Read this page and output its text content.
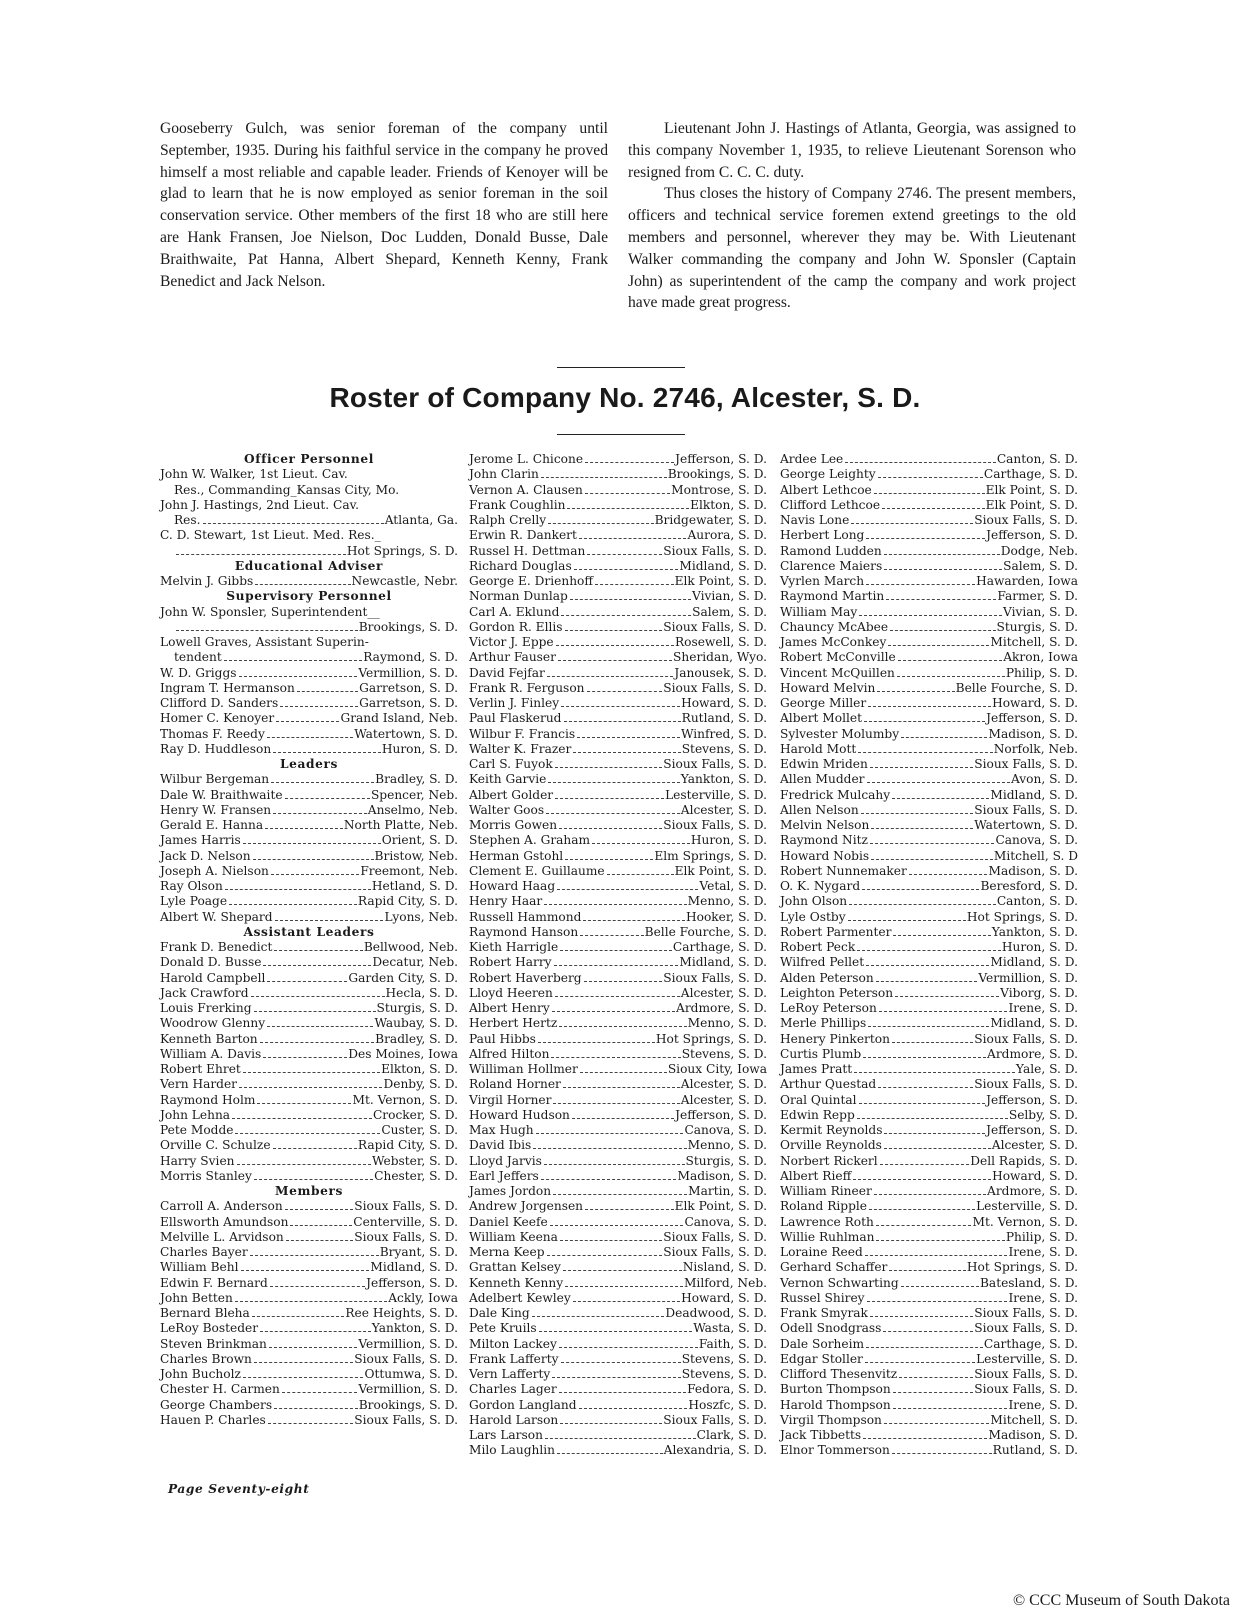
Gooseberry Gulch, was senior foreman of the company until September, 1935. During his faithful service in the company he proved himself a most reliable and capable leader. Friends of Kenoyer will be glad to learn that he is now employed as senior foreman in the soil conservation service. Other members of the first 18 who are still here are Hank Fransen, Joe Nielson, Doc Ludden, Donald Busse, Dale Braithwaite, Pat Hanna, Albert Shepard, Kenneth Kenny, Frank Benedict and Jack Nelson.

Lieutenant John J. Hastings of Atlanta, Georgia, was assigned to this company November 1, 1935, to relieve Lieutenant Sorenson who resigned from C. C. C. duty.

Thus closes the history of Company 2746. The present members, officers and technical service foremen extend greetings to the old members and personnel, wherever they may be. With Lieutenant Walker commanding the company and John W. Sponsler (Captain John) as superintendent of the camp the company and work project have made great progress.

Roster of Company No. 2746, Alcester, S. D.
Officer Personnel
John W. Walker, 1st Lieut. Cav.
Res., Commanding_Kansas City, Mo.
John J. Hastings, 2nd Lieut. Cav.
Res.	Atlanta, Ga.
C. D. Stewart, 1st Lieut. Med. Res._
Hot Springs, S. D.
Educational Adviser
Melvin J. Gibbs	Newcastle, Nebr.
Supervisory Personnel
John W. Sponsler, Superintendent__
Brookings, S. D.
Lowell Graves, Assistant Superin-
tendent	Raymond, S. D.
W. D. Griggs	Vermillion, S. D.
Ingram T. Hermanson	Garretson, S. D.
Clifford D. Sanders	Garretson, S. D.
Homer C. Kenoyer	Grand Island, Neb.
Thomas F. Reedy	Watertown, S. D.
Ray D. Huddleson	Huron, S. D.
Leaders
Wilbur Bergeman	Bradley, S. D.
Dale W. Braithwaite	Spencer, Neb.
Henry W. Fransen	Anselmo, Neb.
Gerald E. Hanna	North Platte, Neb.
James Harris	Orient, S. D.
Jack D. Nelson	Bristow, Neb.
Joseph A. Nielson	Freemont, Neb.
Ray Olson	Hetland, S. D.
Lyle Poage	Rapid City, S. D.
Albert W. Shepard	Lyons, Neb.
Assistant Leaders
Frank D. Benedict	Bellwood, Neb.
Donald D. Busse	Decatur, Neb.
Harold Campbell	Garden City, S. D.
Jack Crawford	Hecla, S. D.
Louis Frerking	Sturgis, S. D.
Woodrow Glenny	Waubay, S. D.
Kenneth Barton	Bradley, S. D.
William A. Davis	Des Moines, Iowa
Robert Ehret	Elkton, S. D.
Vern Harder	Denby, S. D.
Raymond Holm	Mt. Vernon, S. D.
John Lehna	Crocker, S. D.
Pete Modde	Custer, S. D.
Orville C. Schulze	Rapid City, S. D.
Harry Svien	Webster, S. D.
Morris Stanley	Chester, S. D.
Members
Carroll A. Anderson	Sioux Falls, S. D.
Ellsworth Amundson	Centerville, S. D.
Melville L. Arvidson	Sioux Falls, S. D.
Charles Bayer	Bryant, S. D.
William Behl	Midland, S. D.
Edwin F. Bernard	Jefferson, S. D.
John Betten	Ackly, Iowa
Bernard Bleha	Ree Heights, S. D.
LeRoy Bosteder	Yankton, S. D.
Steven Brinkman	Vermillion, S. D.
Charles Brown	Sioux Falls, S. D.
John Bucholz	Ottumwa, S. D.
Chester H. Carmen	Vermillion, S. D.
George Chambers	Brookings, S. D.
Hauen P. Charles	Sioux Falls, S. D.
Jerome L. Chicone	Jefferson, S. D.
John Clarin	Brookings, S. D.
Vernon A. Clausen	Montrose, S. D.
Frank Coughlin	Elkton, S. D.
Ralph Crelly	Bridgewater, S. D.
Erwin R. Dankert	Aurora, S. D.
Russel H. Dettman	Sioux Falls, S. D.
Richard Douglas	Midland, S. D.
George E. Drienhoff	Elk Point, S. D.
Norman Dunlap	Vivian, S. D.
Carl A. Eklund	Salem, S. D.
Gordon R. Ellis	Sioux Falls, S. D.
Victor J. Eppe	Rosewell, S. D.
Arthur Fauser	Sheridan, Wyo.
David Fejfar	Janousek, S. D.
Frank R. Ferguson	Sioux Falls, S. D.
Verlin J. Finley	Howard, S. D.
Paul Flaskerud	Rutland, S. D.
Wilbur F. Francis	Winfred, S. D.
Walter K. Frazer	Stevens, S. D.
Carl S. Fuyok	Sioux Falls, S. D.
Keith Garvie	Yankton, S. D.
Albert Golder	Lesterville, S. D.
Walter Goos	Alcester, S. D.
Morris Gowen	Sioux Falls, S. D.
Stephen A. Graham	Huron, S. D.
Herman Gstohl	Elm Springs, S. D.
Clement E. Guillaume	Elk Point, S. D.
Howard Haag	Vetal, S. D.
Henry Haar	Menno, S. D.
Russell Hammond	Hooker, S. D.
Raymond Hanson	Belle Fourche, S. D.
Kieth Harrigle	Carthage, S. D.
Robert Harry	Midland, S. D.
Robert Haverberg	Sioux Falls, S. D.
Lloyd Heeren	Alcester, S. D.
Albert Henry	Ardmore, S. D.
Herbert Hertz	Menno, S. D.
Paul Hibbs	Hot Springs, S. D.
Alfred Hilton	Stevens, S. D.
Williman Hollmer	Sioux City, Iowa
Roland Horner	Alcester, S. D.
Virgil Horner	Alcester, S. D.
Howard Hudson	Jefferson, S. D.
Max Hugh	Canova, S. D.
David Ibis	Menno, S. D.
Lloyd Jarvis	Sturgis, S. D.
Earl Jeffers	Madison, S. D.
James Jordon	Martin, S. D.
Andrew Jorgensen	Elk Point, S. D.
Daniel Keefe	Canova, S. D.
William Keena	Sioux Falls, S. D.
Merna Keep	Sioux Falls, S. D.
Grattan Kelsey	Nisland, S. D.
Kenneth Kenny	Milford, Neb.
Adelbert Kewley	Howard, S. D.
Dale King	Deadwood, S. D.
Pete Kruils	Wasta, S. D.
Milton Lackey	Faith, S. D.
Frank Lafferty	Stevens, S. D.
Vern Lafferty	Stevens, S. D.
Charles Lager	Fedora, S. D.
Gordon Langland	Hoszfc, S. D.
Harold Larson	Sioux Falls, S. D.
Lars Larson	Clark, S. D.
Milo Laughlin	Alexandria, S. D.
Ardee Lee	Canton, S. D.
George Leighty	Carthage, S. D.
Albert Lethcoe	Elk Point, S. D.
Clifford Lethcoe	Elk Point, S. D.
Navis Lone	Sioux Falls, S. D.
Herbert Long	Jefferson, S. D.
Ramond Ludden	Dodge, Neb.
Clarence Maiers	Salem, S. D.
Vyrlen March	Hawarden, Iowa
Raymond Martin	Farmer, S. D.
William May	Vivian, S. D.
Chauncy McAbee	Sturgis, S. D.
James McConkey	Mitchell, S. D.
Robert McConville	Akron, Iowa
Vincent McQuillen	Philip, S. D.
Howard Melvin	Belle Fourche, S. D.
George Miller	Howard, S. D.
Albert Mollet	Jefferson, S. D.
Sylvester Molumby	Madison, S. D.
Harold Mott	Norfolk, Neb.
Edwin Mriden	Sioux Falls, S. D.
Allen Mudder	Avon, S. D.
Fredrick Mulcahy	Midland, S. D.
Allen Nelson	Sioux Falls, S. D.
Melvin Nelson	Watertown, S. D.
Raymond Nitz	Canova, S. D.
Howard Nobis	Mitchell, S. D
Robert Nunnemaker	Madison, S. D.
O. K. Nygard	Beresford, S. D.
John Olson	Canton, S. D.
Lyle Ostby	Hot Springs, S. D.
Robert Parmenter	Yankton, S. D.
Robert Peck	Huron, S. D.
Wilfred Pellet	Midland, S. D.
Alden Peterson	Vermillion, S. D.
Leighton Peterson	Viborg, S. D.
LeRoy Peterson	Irene, S. D.
Merle Phillips	Midland, S. D.
Henery Pinkerton	Sioux Falls, S. D.
Curtis Plumb	Ardmore, S. D.
James Pratt	Yale, S. D.
Arthur Questad	Sioux Falls, S. D.
Oral Quintal	Jefferson, S. D.
Edwin Repp	Selby, S. D.
Kermit Reynolds	Jefferson, S. D.
Orville Reynolds	Alcester, S. D.
Norbert Rickerl	Dell Rapids, S. D.
Albert Rieff	Howard, S. D.
William Rineer	Ardmore, S. D.
Roland Ripple	Lesterville, S. D.
Lawrence Roth	Mt. Vernon, S. D.
Willie Ruhlman	Philip, S. D.
Loraine Reed	Irene, S. D.
Gerhard Schaffer	Hot Springs, S. D.
Vernon Schwarting	Batesland, S. D.
Russel Shirey	Irene, S. D.
Frank Smyrak	Sioux Falls, S. D.
Odell Snodgrass	Sioux Falls, S. D.
Dale Sorheim	Carthage, S. D.
Edgar Stoller	Lesterville, S. D.
Clifford Thesenvitz	Sioux Falls, S. D.
Burton Thompson	Sioux Falls, S. D.
Harold Thompson	Irene, S. D.
Virgil Thompson	Mitchell, S. D.
Jack Tibbetts	Madison, S. D.
Elnor Tommerson	Rutland, S. D.
Page Seventy-eight
© CCC Museum of South Dakota
